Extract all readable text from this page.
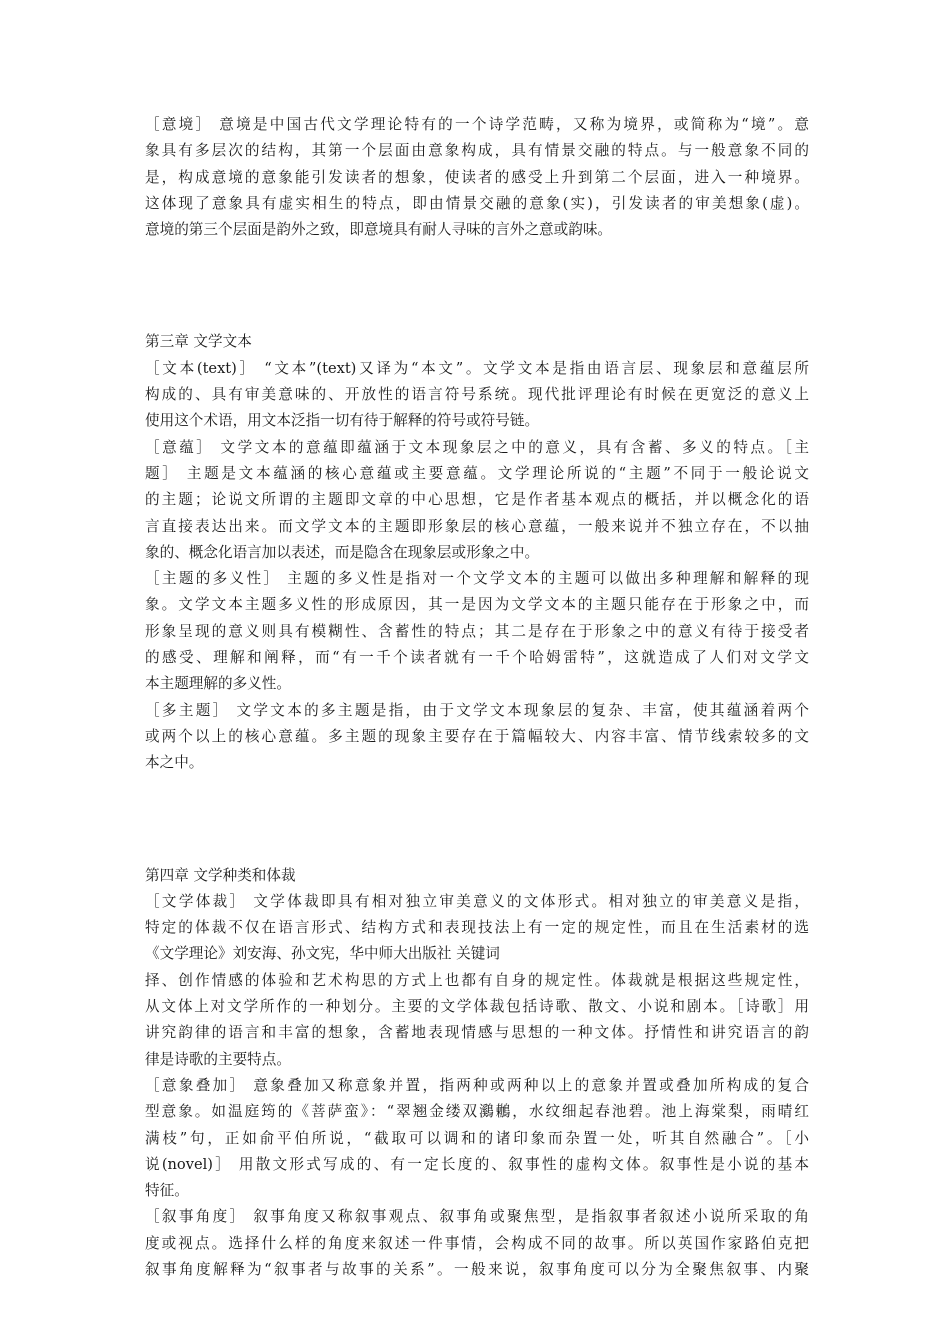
［意境］ 意境是中国古代文学理论特有的一个诗学范畴，又称为境界，或简称为“境”。意
象具有多层次的结构，其第一个层面由意象构成，具有情景交融的特点。与一般意象不同的
是，构成意境的意象能引发读者的想象，使读者的感受上升到第二个层面，进入一种境界。
这体现了意象具有虚实相生的特点，即由情景交融的意象(实)，引发读者的审美想象(虚)。
意境的第三个层面是韵外之致，即意境具有耐人寻味的言外之意或韵味。
第三章 文学文本
［文本(text)］ “文本”(text)又译为“本文”。文学文本是指由语言层、现象层和意蕴层所
构成的、具有审美意味的、开放性的语言符号系统。现代批评理论有时候在更宽泛的意义上
使用这个术语，用文本泛指一切有待于解释的符号或符号链。
［意蕴］ 文学文本的意蕴即蕴涵于文本现象层之中的意义，具有含蓄、多义的特点。［主
题］ 主题是文本蕴涵的核心意蕴或主要意蕴。文学理论所说的“主题”不同于一般论说文
的主题；论说文所谓的主题即文章的中心思想，它是作者基本观点的概括，并以概念化的语
言直接表达出来。而文学文本的主题即形象层的核心意蕴，一般来说并不独立存在，不以抽
象的、概念化语言加以表述，而是隐含在现象层或形象之中。
［主题的多义性］ 主题的多义性是指对一个文学文本的主题可以做出多种理解和解释的现
象。文学文本主题多义性的形成原因，其一是因为文学文本的主题只能存在于形象之中，而
形象呈现的意义则具有模糊性、含蓄性的特点；其二是存在于形象之中的意义有待于接受者
的感受、理解和阐释，而“有一千个读者就有一千个哈姆雷特”，这就造成了人们对文学文
本主题理解的多义性。
［多主题］ 文学文本的多主题是指，由于文学文本现象层的复杂、丰富，使其蕴涵着两个
或两个以上的核心意蕴。多主题的现象主要存在于篇幅较大、内容丰富、情节线索较多的文
本之中。
第四章 文学种类和体裁
［文学体裁］ 文学体裁即具有相对独立审美意义的文体形式。相对独立的审美意义是指，
特定的体裁不仅在语言形式、结构方式和表现技法上有一定的规定性，而且在生活素材的选
《文学理论》刘安海、孙文宪，华中师大出版社 关键词
择、创作情感的体验和艺术构思的方式上也都有自身的规定性。体裁就是根据这些规定性，
从文体上对文学所作的一种划分。主要的文学体裁包括诗歌、散文、小说和剧本。［诗歌］用
讲究韵律的语言和丰富的想象，含蓄地表现情感与思想的一种文体。抒情性和讲究语言的韵
律是诗歌的主要特点。
［意象叠加］ 意象叠加又称意象并置，指两种或两种以上的意象并置或叠加所构成的复合
型意象。如温庭筠的《菩萨蛮》：“翠翘金缕双鸂鶒，水纹细起春池碧。池上海棠梨，雨晴红
满枝”句，正如俞平伯所说，“截取可以调和的诸印象而杂置一处，听其自然融合”。［小
说(novel)］ 用散文形式写成的、有一定长度的、叙事性的虚构文体。叙事性是小说的基本
特征。
［叙事角度］ 叙事角度又称叙事观点、叙事角或聚焦型，是指叙事者叙述小说所采取的角
度或视点。选择什么样的角度来叙述一件事情，会构成不同的故事。所以英国作家路伯克把
叙事角度解释为“叙事者与故事的关系”。一般来说，叙事角度可以分为全聚焦叙事、内聚
